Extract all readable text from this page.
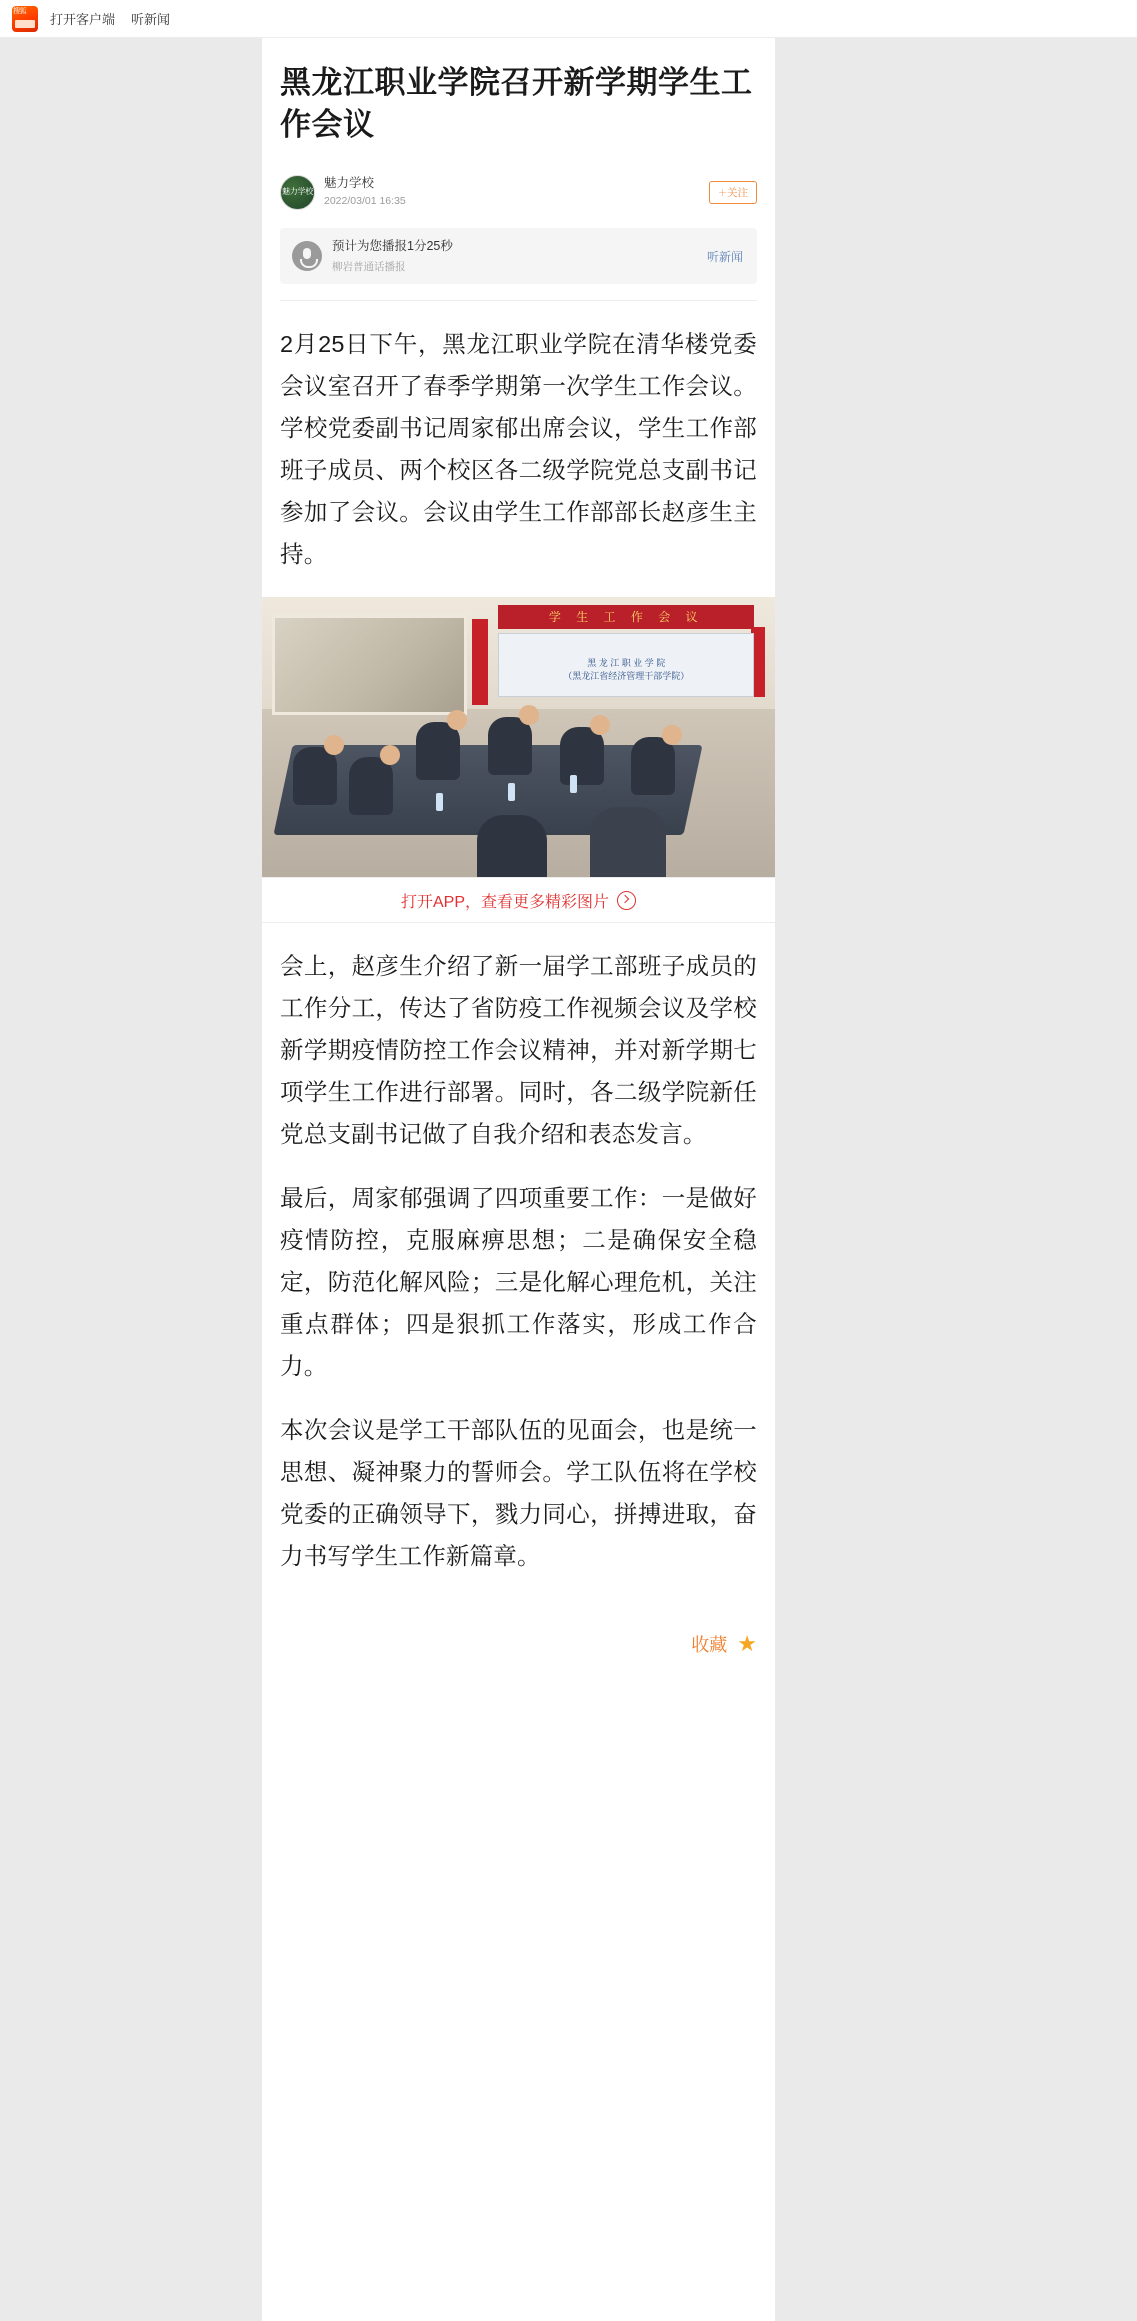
搜狐
打开客户端 听新闻
黑龙江职业学院召开新学期学生工作会议
魅力学校
魅力学校
2022/03/01 16:35
＋关注
预计为您播报1分25秒
柳岩普通话播报
听新闻

2月25日下午，黑龙江职业学院在清华楼党委会议室召开了春季学期第一次学生工作会议。学校党委副书记周家郁出席会议，学生工作部班子成员、两个校区各二级学院党总支副书记参加了会议。会议由学生工作部部长赵彦生主持。

学 生 工 作 会 议
黑 龙 江 职 业 学 院
（黑龙江省经济管理干部学院）
打开APP，查看更多精彩图片

会上，赵彦生介绍了新一届学工部班子成员的工作分工，传达了省防疫工作视频会议及学校新学期疫情防控工作会议精神，并对新学期七项学生工作进行部署。同时，各二级学院新任党总支副书记做了自我介绍和表态发言。

最后，周家郁强调了四项重要工作：一是做好疫情防控，克服麻痹思想；二是确保安全稳定，防范化解风险；三是化解心理危机，关注重点群体；四是狠抓工作落实，形成工作合力。

本次会议是学工干部队伍的见面会，也是统一思想、凝神聚力的誓师会。学工队伍将在学校党委的正确领导下，戮力同心，拼搏进取，奋力书写学生工作新篇章。

收藏 ★
